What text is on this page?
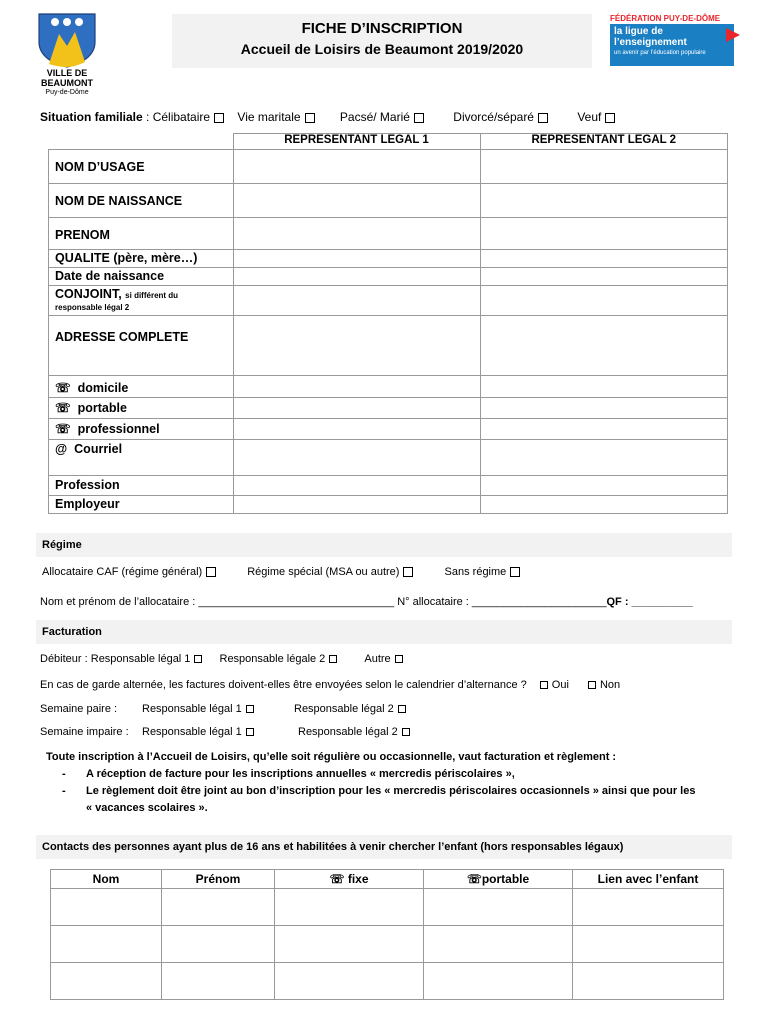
VILLE DE
BEAUMONT
Puy-de-Dôme
FICHE D’INSCRIPTION
Accueil de Loisirs de Beaumont 2019/2020
FÉDÉRATION PUY-DE-DÔME
la ligue de
l’enseignement
un avenir par l’éducation populaire
Situation familiale : Célibataire Vie maritale	Pacsé/ Marié	Divorcé/séparé	Veuf
	REPRESENTANT LEGAL 1	REPRESENTANT LEGAL 2

NOM D’USAGE		

NOM DE NAISSANCE		

PRENOM		

QUALITE (père, mère…)		

Date de naissance		

CONJOINT, si différent du
responsable légal 2		

ADRESSE COMPLETE		

☏ domicile		

☏ portable		

☏ professionnel		

@ Courriel		

Profession		

Employeur		

Régime
Allocataire CAF (régime général)	Régime spécial (MSA ou autre)	Sans régime
Nom et prénom de l’allocataire : ________________________________ N° allocataire : ______________________QF : __________
Facturation
Débiteur : Responsable légal 1	Responsable légale 2	Autre
En cas de garde alternée, les factures doivent-elles être envoyées selon le calendrier d’alternance ? Oui	Non
Semaine paire : Responsable légal 1	Responsable légal 2
Semaine impaire : Responsable légal 1	Responsable légal 2
Toute inscription à l’Accueil de Loisirs, qu’elle soit régulière ou occasionnelle, vaut facturation et règlement :
- A réception de facture pour les inscriptions annuelles « mercredis périscolaires »,
- Le règlement doit être joint au bon d’inscription pour les « mercredis périscolaires occasionnels » ainsi que pour les
« vacances scolaires ».
Contacts des personnes ayant plus de 16 ans et habilitées à venir chercher l’enfant (hors responsables légaux)
Nom	Prénom	☏ fixe	☏portable	Lien avec l’enfant
